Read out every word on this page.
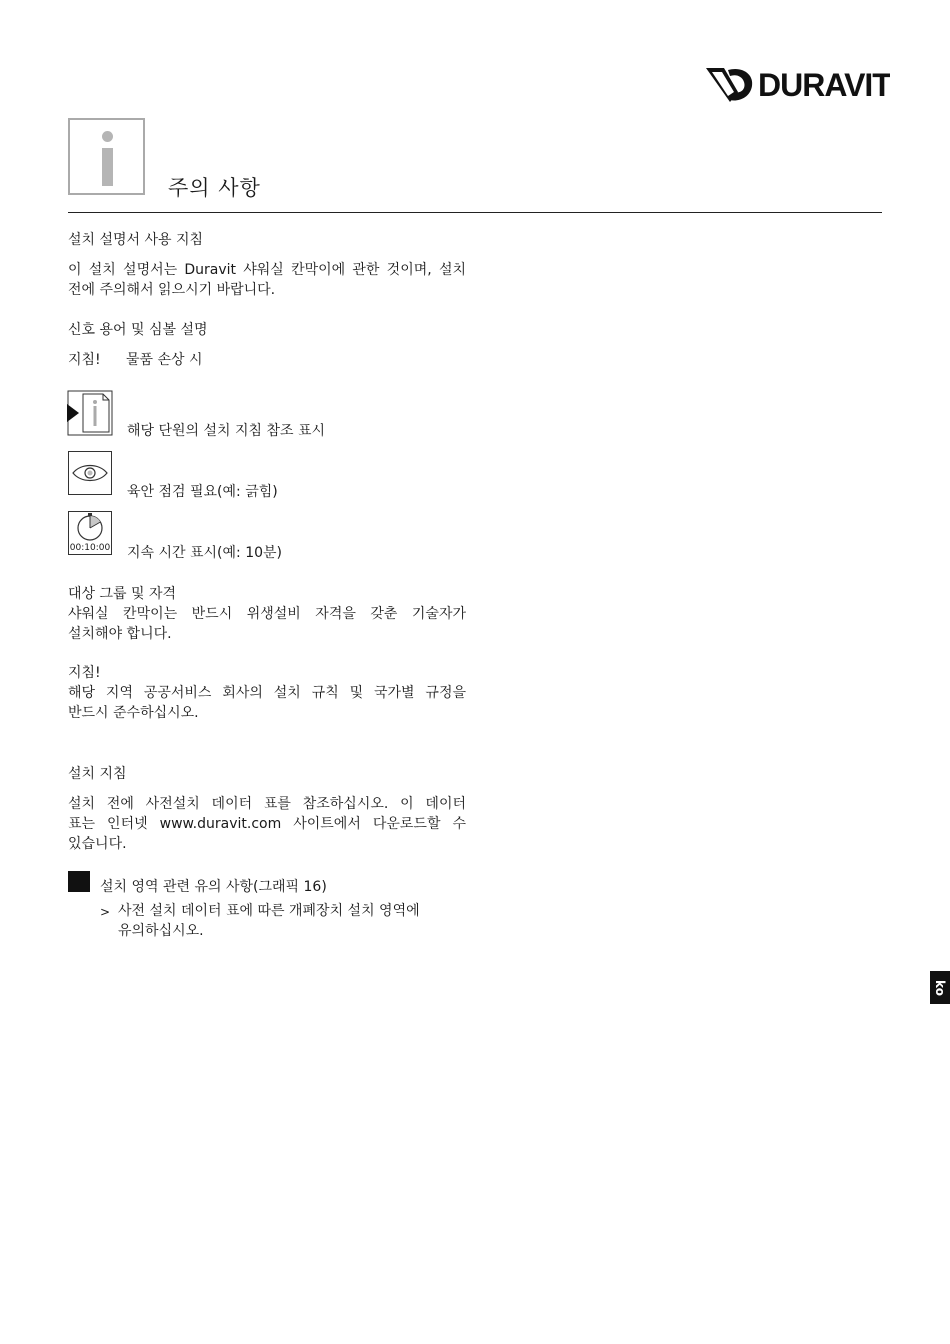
DURAVIT
주의 사항
설치 설명서 사용 지침
이 설치 설명서는 Duravit 샤워실 칸막이에 관한 것이며, 설치
전에 주의해서 읽으시기 바랍니다.
신호 용어 및 심볼 설명
지침! 물품 손상 시
해당 단원의 설치 지침 참조 표시
육안 점검 필요(예: 긁힘)
00:10:00 지속 시간 표시(예: 10분)
대상 그룹 및 자격
샤워실 칸막이는 반드시 위생설비 자격을 갖춘 기술자가
설치해야 합니다.
지침!
해당 지역 공공서비스 회사의 설치 규칙 및 국가별 규정을
반드시 준수하십시오.
설치 지침
설치 전에 사전설치 데이터 표를 참조하십시오. 이 데이터
표는 인터넷 www.duravit.com 사이트에서 다운로드할 수
있습니다.
설치 영역 관련 유의 사항(그래픽 16)
> 사전 설치 데이터 표에 따른 개폐장치 설치 영역에
유의하십시오.
ko
